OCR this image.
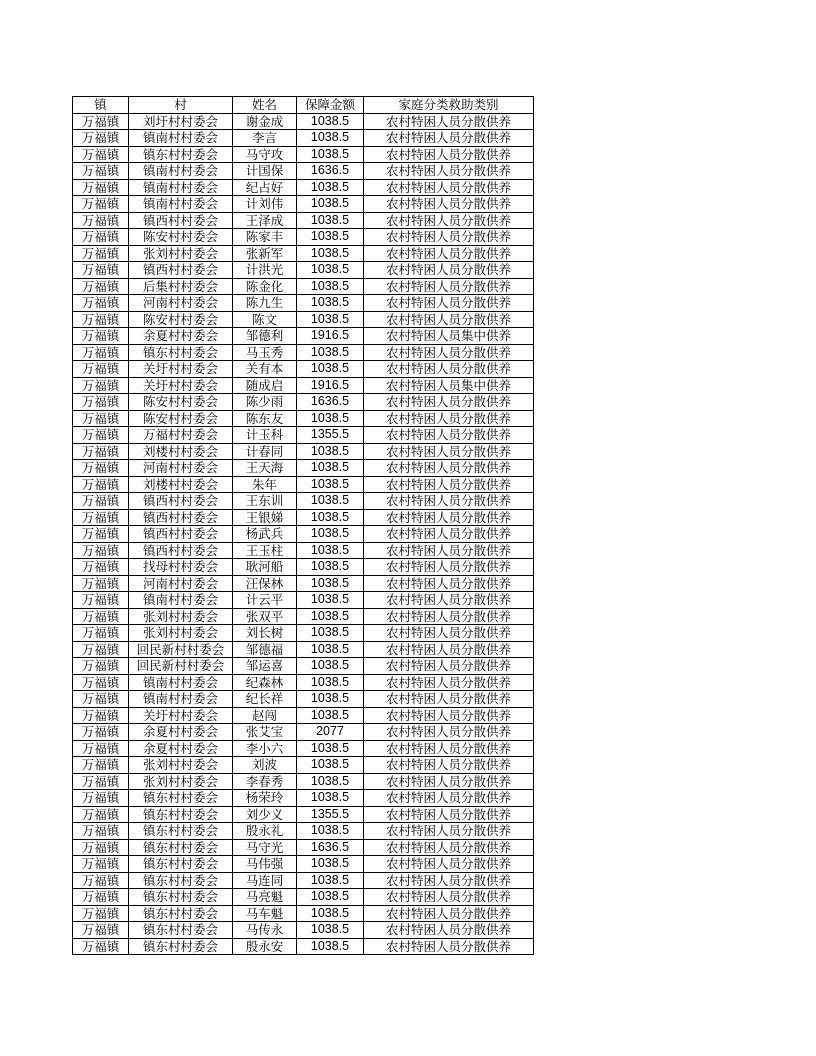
镇	村	姓名	保障金额	家庭分类救助类别
万福镇	刘圩村村委会	谢金成	1038.5	农村特困人员分散供养
万福镇	镇南村村委会	李言	1038.5	农村特困人员分散供养
万福镇	镇东村村委会	马守攻	1038.5	农村特困人员分散供养
万福镇	镇南村村委会	计国保	1636.5	农村特困人员分散供养
万福镇	镇南村村委会	纪占好	1038.5	农村特困人员分散供养
万福镇	镇南村村委会	计刘伟	1038.5	农村特困人员分散供养
万福镇	镇西村村委会	王泽成	1038.5	农村特困人员分散供养
万福镇	陈安村村委会	陈家丰	1038.5	农村特困人员分散供养
万福镇	张刘村村委会	张新军	1038.5	农村特困人员分散供养
万福镇	镇西村村委会	计洪光	1038.5	农村特困人员分散供养
万福镇	后集村村委会	陈金化	1038.5	农村特困人员分散供养
万福镇	河南村村委会	陈九生	1038.5	农村特困人员分散供养
万福镇	陈安村村委会	陈文	1038.5	农村特困人员分散供养
万福镇	余夏村村委会	邹德利	1916.5	农村特困人员集中供养
万福镇	镇东村村委会	马玉秀	1038.5	农村特困人员分散供养
万福镇	关圩村村委会	关有本	1038.5	农村特困人员分散供养
万福镇	关圩村村委会	随成启	1916.5	农村特困人员集中供养
万福镇	陈安村村委会	陈少雨	1636.5	农村特困人员分散供养
万福镇	陈安村村委会	陈东友	1038.5	农村特困人员分散供养
万福镇	万福村村委会	计玉科	1355.5	农村特困人员分散供养
万福镇	刘楼村村委会	计春同	1038.5	农村特困人员分散供养
万福镇	河南村村委会	王天海	1038.5	农村特困人员分散供养
万福镇	刘楼村村委会	朱年	1038.5	农村特困人员分散供养
万福镇	镇西村村委会	王东训	1038.5	农村特困人员分散供养
万福镇	镇西村村委会	王银娣	1038.5	农村特困人员分散供养
万福镇	镇西村村委会	杨武兵	1038.5	农村特困人员分散供养
万福镇	镇西村村委会	王玉柱	1038.5	农村特困人员分散供养
万福镇	找母村村委会	耿河船	1038.5	农村特困人员分散供养
万福镇	河南村村委会	汪保林	1038.5	农村特困人员分散供养
万福镇	镇南村村委会	计云平	1038.5	农村特困人员分散供养
万福镇	张刘村村委会	张双平	1038.5	农村特困人员分散供养
万福镇	张刘村村委会	刘长树	1038.5	农村特困人员分散供养
万福镇	回民新村村委会	邹德福	1038.5	农村特困人员分散供养
万福镇	回民新村村委会	邹运喜	1038.5	农村特困人员分散供养
万福镇	镇南村村委会	纪森林	1038.5	农村特困人员分散供养
万福镇	镇南村村委会	纪长祥	1038.5	农村特困人员分散供养
万福镇	关圩村村委会	赵闯	1038.5	农村特困人员分散供养
万福镇	余夏村村委会	张艾宝	2077	农村特困人员分散供养
万福镇	余夏村村委会	李小六	1038.5	农村特困人员分散供养
万福镇	张刘村村委会	刘波	1038.5	农村特困人员分散供养
万福镇	张刘村村委会	李春秀	1038.5	农村特困人员分散供养
万福镇	镇东村村委会	杨荣玲	1038.5	农村特困人员分散供养
万福镇	镇东村村委会	刘少义	1355.5	农村特困人员分散供养
万福镇	镇东村村委会	殷永礼	1038.5	农村特困人员分散供养
万福镇	镇东村村委会	马守光	1636.5	农村特困人员分散供养
万福镇	镇东村村委会	马伟强	1038.5	农村特困人员分散供养
万福镇	镇东村村委会	马连同	1038.5	农村特困人员分散供养
万福镇	镇东村村委会	马亮魁	1038.5	农村特困人员分散供养
万福镇	镇东村村委会	马车魁	1038.5	农村特困人员分散供养
万福镇	镇东村村委会	马传永	1038.5	农村特困人员分散供养
万福镇	镇东村村委会	殷永安	1038.5	农村特困人员分散供养
